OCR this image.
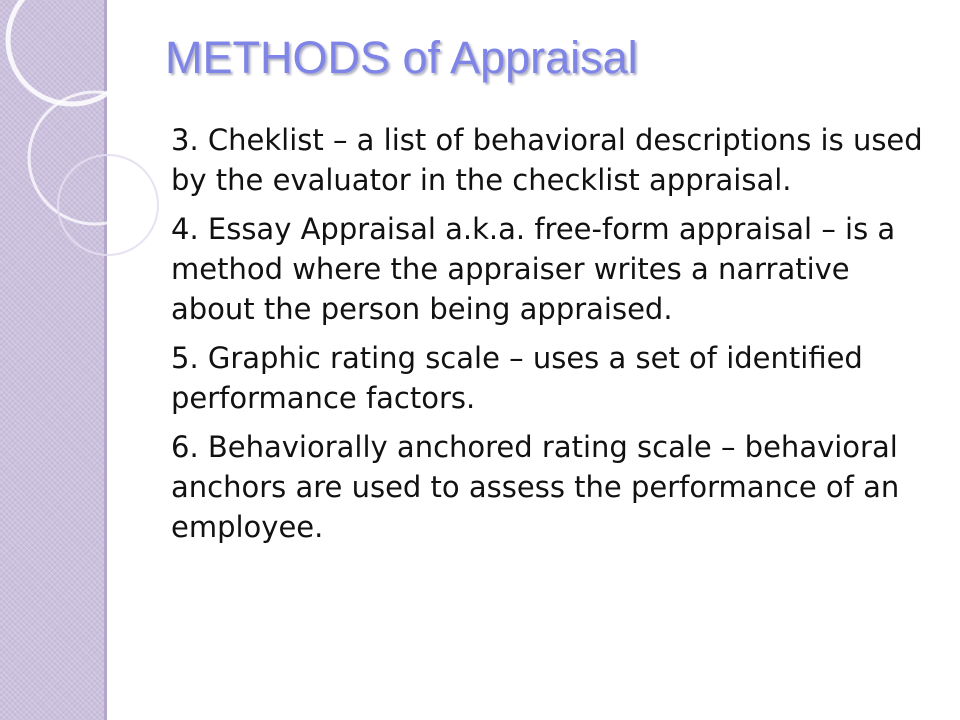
METHODS of Appraisal
3. Cheklist – a list of behavioral descriptions is used by the evaluator in the checklist appraisal.
4. Essay Appraisal a.k.a. free-form appraisal – is a method where the appraiser writes a narrative about the person being appraised.
5. Graphic rating scale – uses a set of identified performance factors.
6. Behaviorally anchored rating scale – behavioral anchors are used to assess the performance of an employee.
